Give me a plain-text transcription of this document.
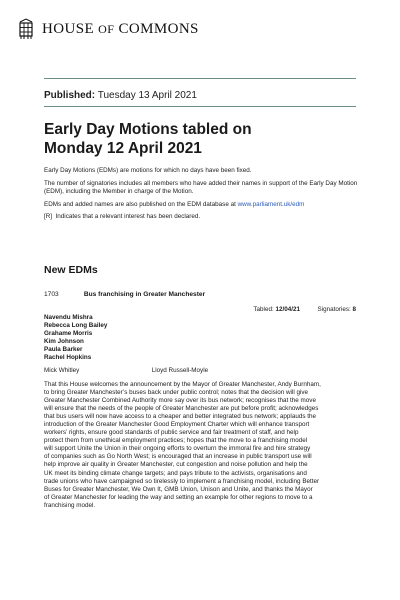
HOUSE OF COMMONS
Published: Tuesday 13 April 2021
Early Day Motions tabled on
Monday 12 April 2021

Early Day Motions (EDMs) are motions for which no days have been fixed.

The number of signatories includes all members who have added their names in support of the Early Day Motion (EDM), including the Member in charge of the Motion.

EDMs and added names are also published on the EDM database at www.parliament.uk/edm

[R]  Indicates that a relevant interest has been declared.

New EDMs
1703	Bus franchising in Greater Manchester
Tabled: 12/04/21	Signatories: 8
Navendu Mishra
Rebecca Long Bailey
Grahame Morris
Kim Johnson
Paula Barker
Rachel Hopkins
Mick Whitley	Lloyd Russell-Moyle
That this House welcomes the announcement by the Mayor of Greater Manchester, Andy Burnham,
to bring Greater Manchester’s buses back under public control; notes that the decision will give
Greater Manchester Combined Authority more say over its bus network; recognises that the move
will ensure that the needs of the people of Greater Manchester are put before profit; acknowledges
that bus users will now have access to a cheaper and better integrated bus network; applauds the
introduction of the Greater Manchester Good Employment Charter which will enhance transport
workers’ rights, ensure good standards of public service and fair treatment of staff, and help
protect them from unethical employment practices; hopes that the move to a franchising model
will support Unite the Union in their ongoing efforts to overturn the immoral fire and hire strategy
of companies such as Go North West; is encouraged that an increase in public transport use will
help improve air quality in Greater Manchester, cut congestion and noise pollution and help the
UK meet its binding climate change targets; and pays tribute to the activists, organisations and
trade unions who have campaigned so tirelessly to implement a franchising model, including Better
Buses for Greater Manchester, We Own It, GMB Union, Unison and Unite, and thanks the Mayor
of Greater Manchester for leading the way and setting an example for other regions to move to a
franchising model.
